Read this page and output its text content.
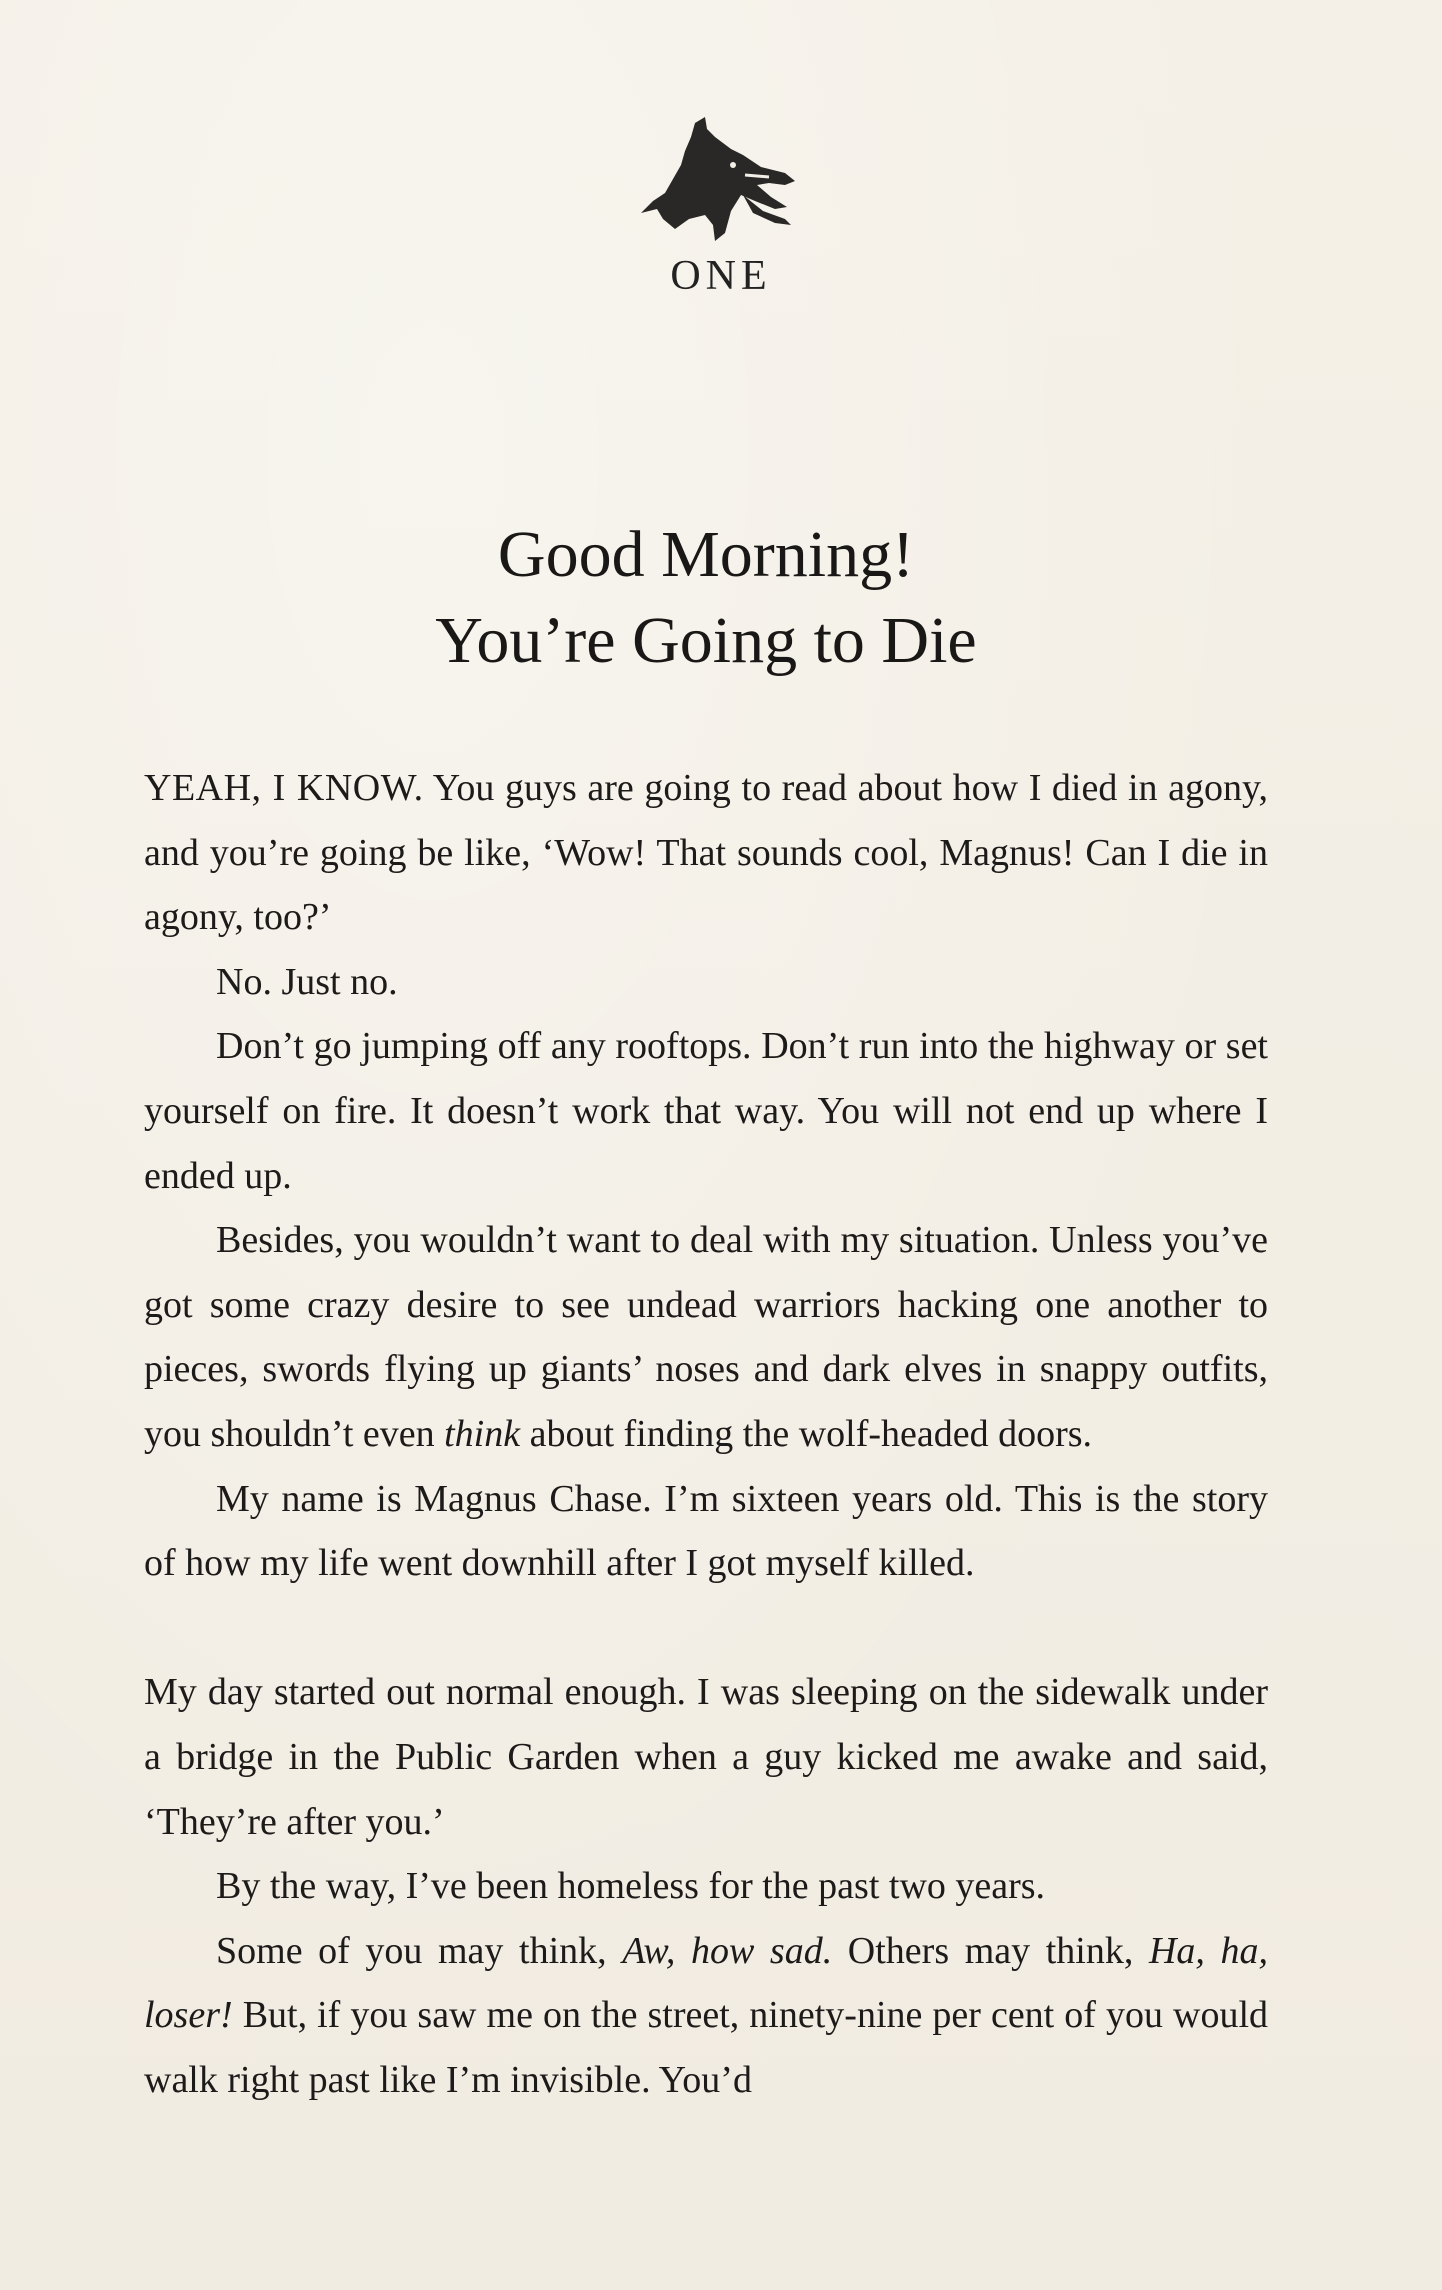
ONE
Good Morning!
You’re Going to Die

YEAH, I KNOW. You guys are going to read about how I died in agony, and you’re going be like, ‘Wow! That sounds cool, Magnus! Can I die in agony, too?’

No. Just no.

Don’t go jumping off any rooftops. Don’t run into the highway or set yourself on fire. It doesn’t work that way. You will not end up where I ended up.

Besides, you wouldn’t want to deal with my situation. Unless you’ve got some crazy desire to see undead warriors hacking one another to pieces, swords flying up giants’ noses and dark elves in snappy outfits, you shouldn’t even think about finding the wolf-headed doors.

My name is Magnus Chase. I’m sixteen years old. This is the story of how my life went downhill after I got myself killed.

My day started out normal enough. I was sleeping on the sidewalk under a bridge in the Public Garden when a guy kicked me awake and said, ‘They’re after you.’

By the way, I’ve been homeless for the past two years.

Some of you may think, Aw, how sad. Others may think, Ha, ha, loser! But, if you saw me on the street, ninety-nine per cent of you would walk right past like I’m invisible. You’d
